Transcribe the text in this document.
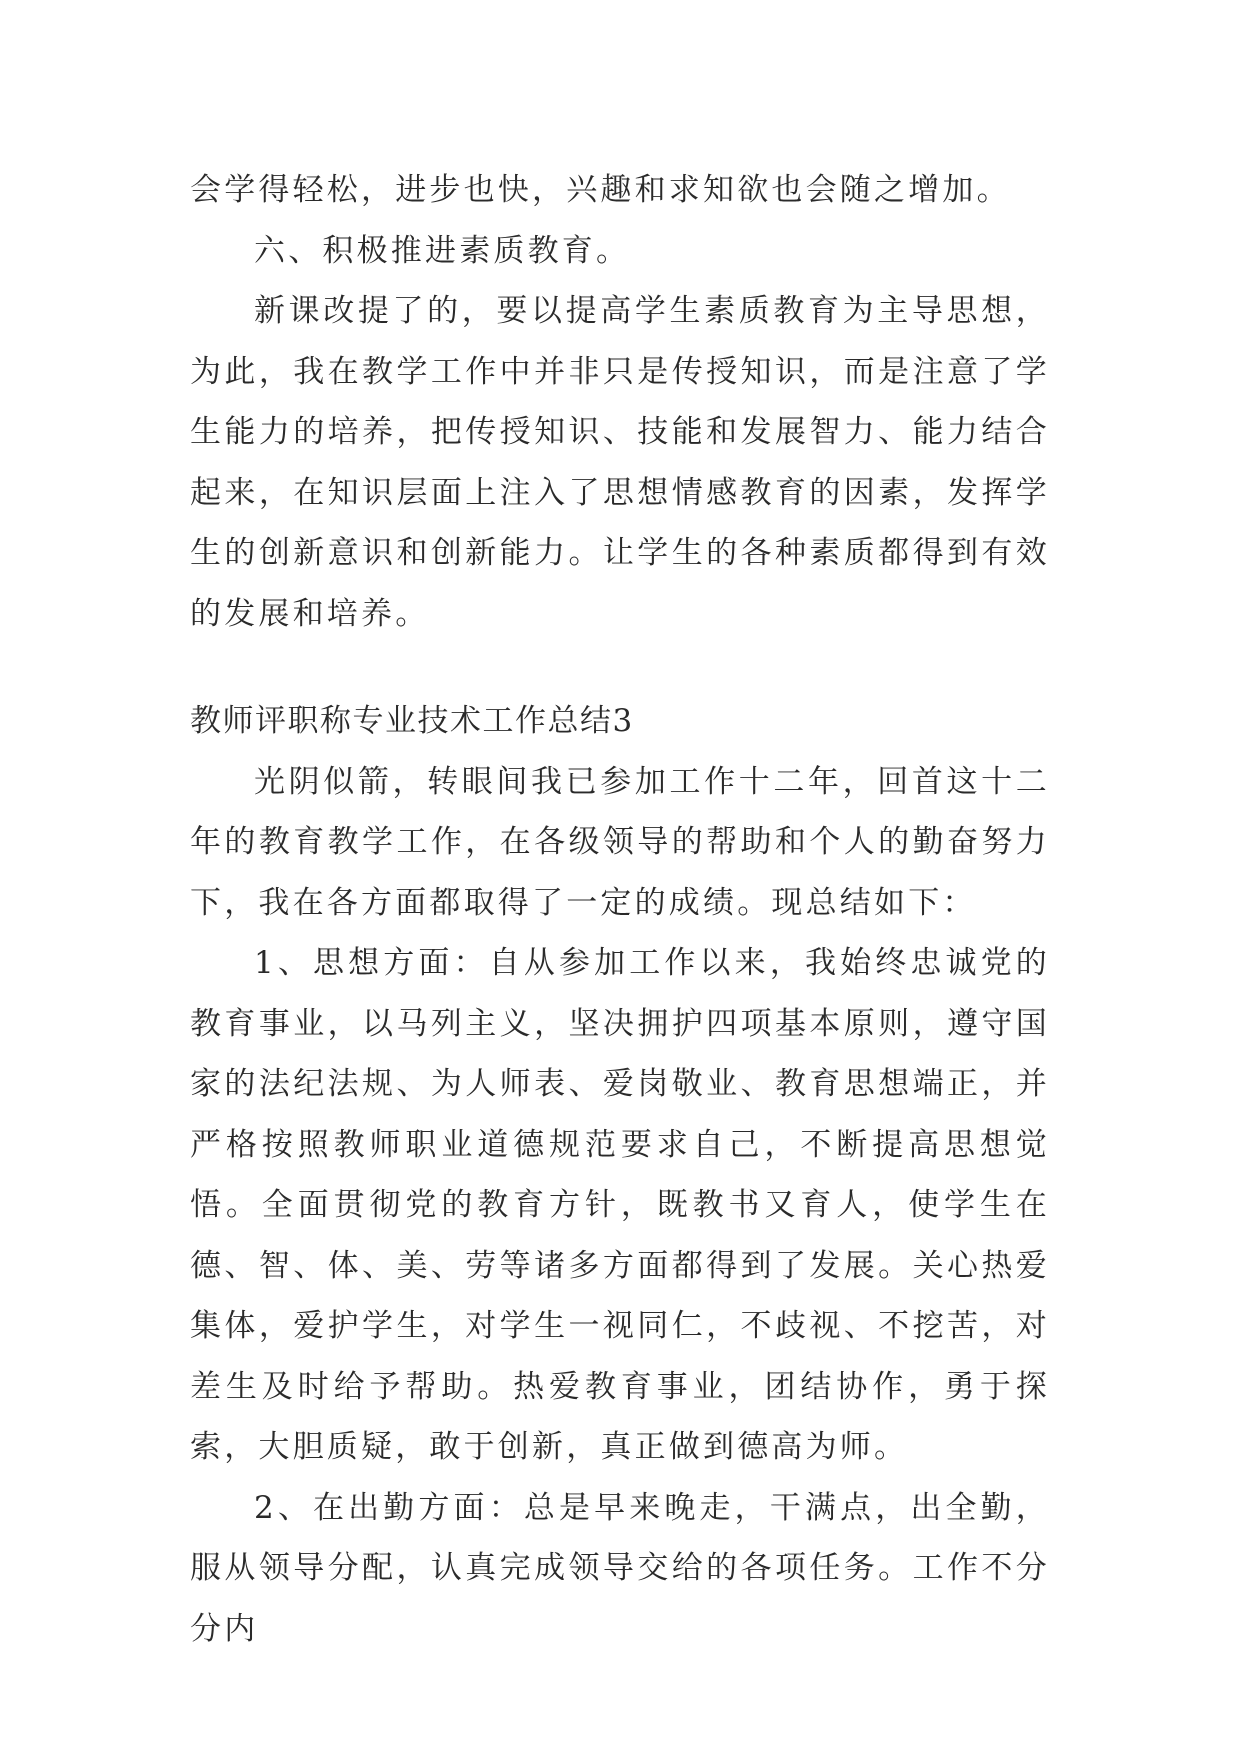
会学得轻松，进步也快，兴趣和求知欲也会随之增加。

六、积极推进素质教育。

新课改提了的，要以提高学生素质教育为主导思想，为此，我在教学工作中并非只是传授知识，而是注意了学生能力的培养，把传授知识、技能和发展智力、能力结合起来，在知识层面上注入了思想情感教育的因素，发挥学生的创新意识和创新能力。让学生的各种素质都得到有效的发展和培养。

教师评职称专业技术工作总结3

光阴似箭，转眼间我已参加工作十二年，回首这十二年的教育教学工作，在各级领导的帮助和个人的勤奋努力下，我在各方面都取得了一定的成绩。现总结如下：

1、思想方面：自从参加工作以来，我始终忠诚党的教育事业，以马列主义，坚决拥护四项基本原则，遵守国家的法纪法规、为人师表、爱岗敬业、教育思想端正，并严格按照教师职业道德规范要求自己，不断提高思想觉悟。全面贯彻党的教育方针，既教书又育人，使学生在德、智、体、美、劳等诸多方面都得到了发展。关心热爱集体，爱护学生，对学生一视同仁，不歧视、不挖苦，对差生及时给予帮助。热爱教育事业，团结协作，勇于探索，大胆质疑，敢于创新，真正做到德高为师。

2、在出勤方面：总是早来晚走，干满点，出全勤，服从领导分配，认真完成领导交给的各项任务。工作不分分内
